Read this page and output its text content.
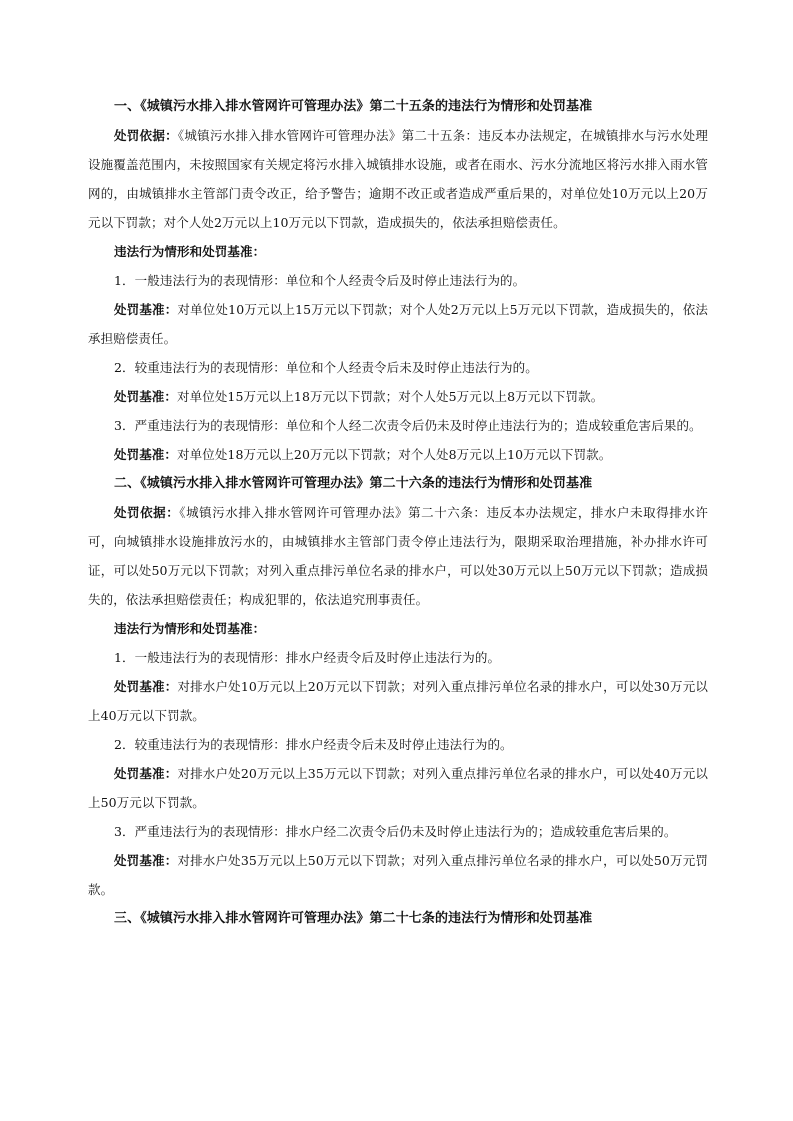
一、《城镇污水排入排水管网许可管理办法》第二十五条的违法行为情形和处罚基准
处罚依据：《城镇污水排入排水管网许可管理办法》第二十五条：违反本办法规定，在城镇排水与污水处理设施覆盖范围内，未按照国家有关规定将污水排入城镇排水设施，或者在雨水、污水分流地区将污水排入雨水管网的，由城镇排水主管部门责令改正，给予警告；逾期不改正或者造成严重后果的，对单位处10万元以上20万元以下罚款；对个人处2万元以上10万元以下罚款，造成损失的，依法承担赔偿责任。
违法行为情形和处罚基准：
1．一般违法行为的表现情形：单位和个人经责令后及时停止违法行为的。
处罚基准：对单位处10万元以上15万元以下罚款；对个人处2万元以上5万元以下罚款，造成损失的，依法承担赔偿责任。
2．较重违法行为的表现情形：单位和个人经责令后未及时停止违法行为的。
处罚基准：对单位处15万元以上18万元以下罚款；对个人处5万元以上8万元以下罚款。
3．严重违法行为的表现情形：单位和个人经二次责令后仍未及时停止违法行为的；造成较重危害后果的。
处罚基准：对单位处18万元以上20万元以下罚款；对个人处8万元以上10万元以下罚款。
二、《城镇污水排入排水管网许可管理办法》第二十六条的违法行为情形和处罚基准
处罚依据：《城镇污水排入排水管网许可管理办法》第二十六条：违反本办法规定，排水户未取得排水许可，向城镇排水设施排放污水的，由城镇排水主管部门责令停止违法行为，限期采取治理措施，补办排水许可证，可以处50万元以下罚款；对列入重点排污单位名录的排水户，可以处30万元以上50万元以下罚款；造成损失的，依法承担赔偿责任；构成犯罪的，依法追究刑事责任。
违法行为情形和处罚基准：
1．一般违法行为的表现情形：排水户经责令后及时停止违法行为的。
处罚基准：对排水户处10万元以上20万元以下罚款；对列入重点排污单位名录的排水户，可以处30万元以上40万元以下罚款。
2．较重违法行为的表现情形：排水户经责令后未及时停止违法行为的。
处罚基准：对排水户处20万元以上35万元以下罚款；对列入重点排污单位名录的排水户，可以处40万元以上50万元以下罚款。
3．严重违法行为的表现情形：排水户经二次责令后仍未及时停止违法行为的；造成较重危害后果的。
处罚基准：对排水户处35万元以上50万元以下罚款；对列入重点排污单位名录的排水户，可以处50万元罚款。
三、《城镇污水排入排水管网许可管理办法》第二十七条的违法行为情形和处罚基准
